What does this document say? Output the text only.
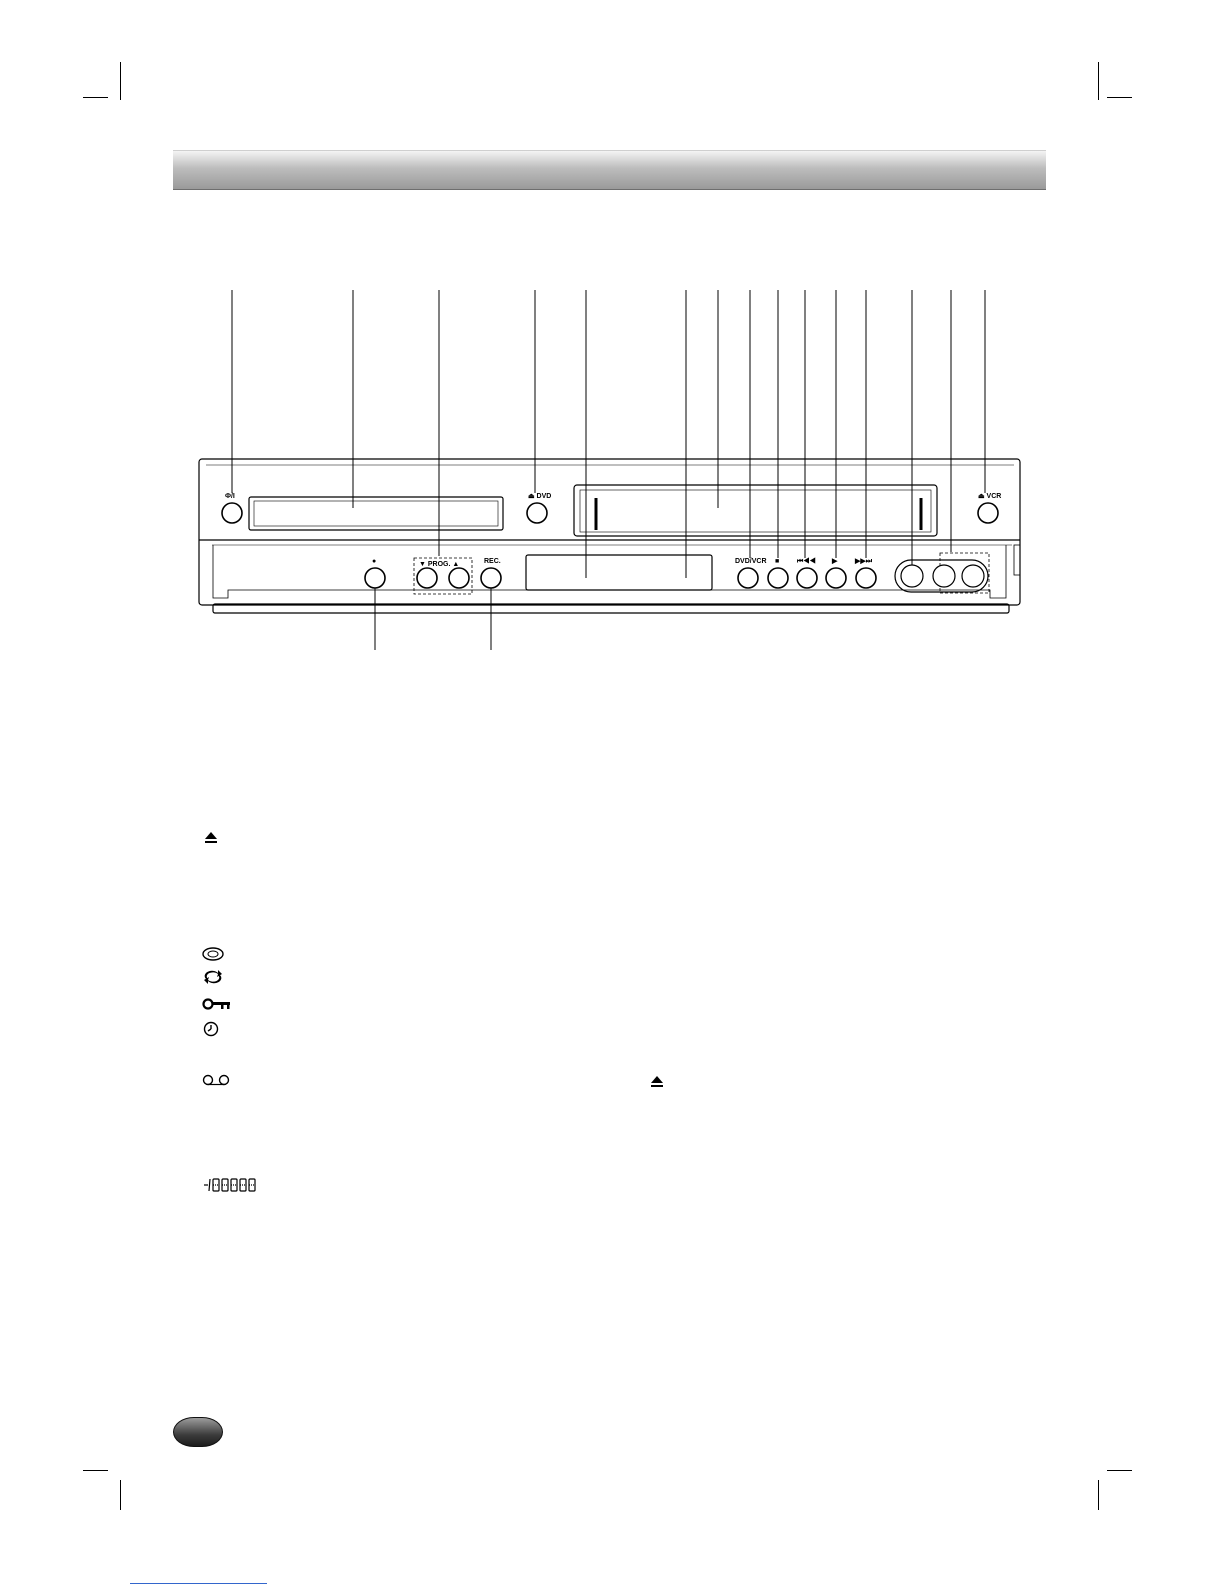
Ф/I	⏏ DVD	⏏ VCR
●	▼ PROG. ▲	REC.	DVD/VCR ■	⏮◀◀ ▶	▶▶⏭
